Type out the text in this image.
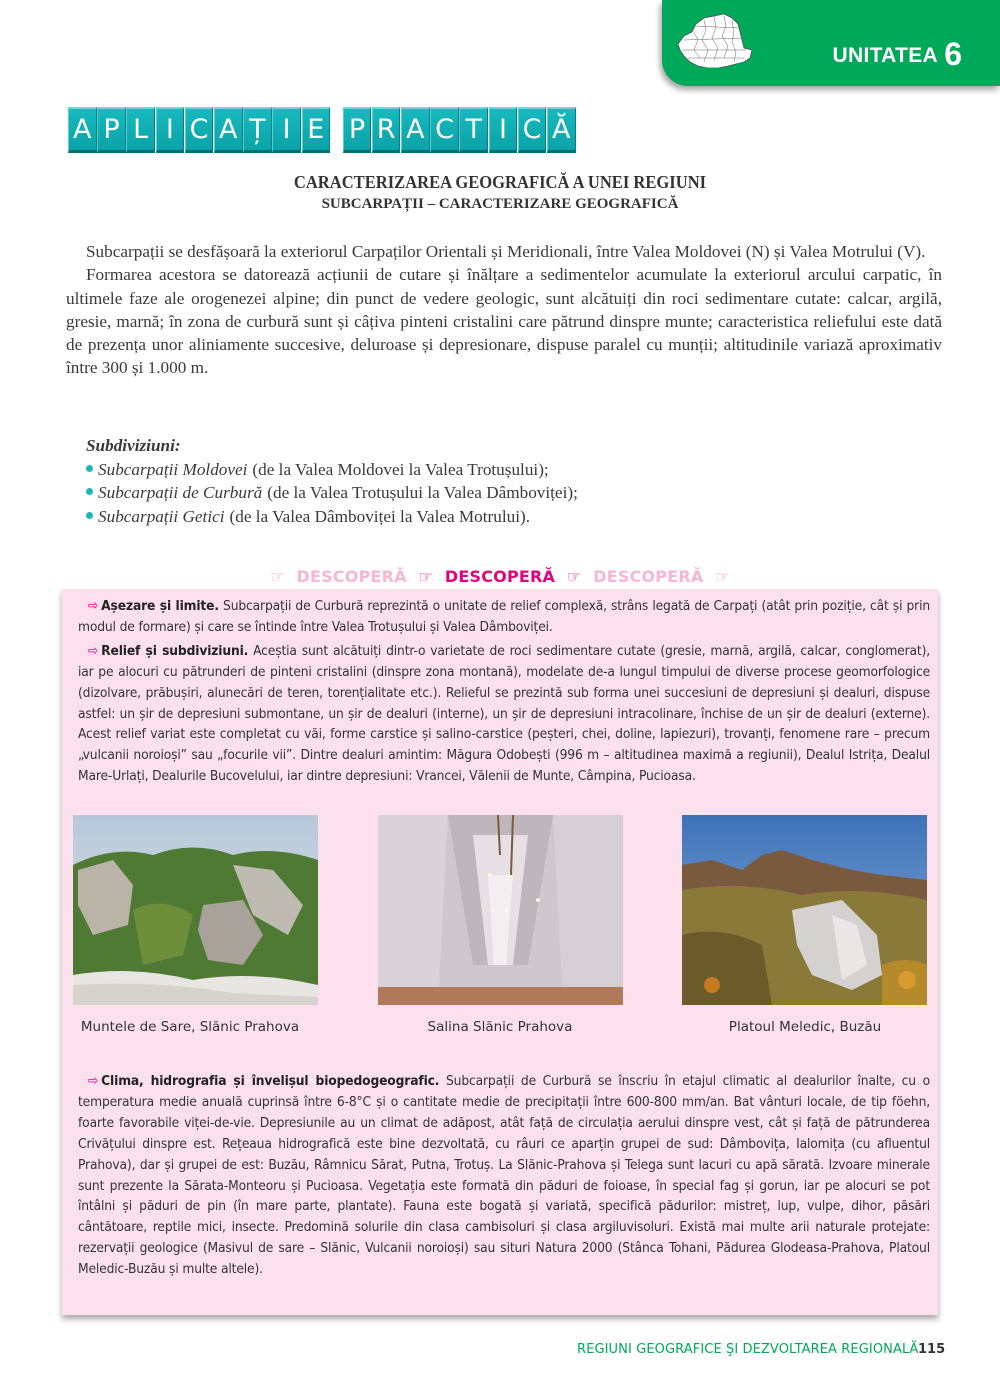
UNITATEA 6
A P L I C A Ț I E P R A C T I C Ă
CARACTERIZAREA GEOGRAFICĂ A UNEI REGIUNI
SUBCARPAȚII – CARACTERIZARE GEOGRAFICĂ

Subcarpații se desfășoară la exteriorul Carpaților Orientali și Meridionali, între Valea Moldovei (N) și Valea Motrului (V).

Formarea acestora se datorează acțiunii de cutare și înălțare a sedimentelor acumulate la exteriorul arcului carpatic, în ultimele faze ale orogenezei alpine; din punct de vedere geologic, sunt alcătuiți din roci sedimentare cutate: calcar, argilă, gresie, marnă; în zona de curbură sunt și câțiva pinteni cristalini care pătrund dinspre munte; caracteristica reliefului este dată de prezența unor aliniamente succesive, deluroase și depresionare, dispuse paralel cu munții; altitudinile variază aproximativ între 300 și 1.000 m.

Subdiviziuni:
Subcarpații Moldovei (de la Valea Moldovei la Valea Trotușului);
Subcarpații de Curbură (de la Valea Trotușului la Valea Dâmboviței);
Subcarpații Getici (de la Valea Dâmboviței la Valea Motrului).
☞ DESCOPERĂ ☞ DESCOPERĂ ☞ DESCOPERĂ ☞

⇨ Așezare și limite. Subcarpații de Curbură reprezintă o unitate de relief complexă, strâns legată de Carpați (atât prin poziție, cât și prin modul de formare) și care se întinde între Valea Trotușului și Valea Dâmboviței.

⇨ Relief și subdiviziuni. Aceștia sunt alcătuiți dintr-o varietate de roci sedimentare cutate (gresie, marnă, argilă, calcar, conglomerat), iar pe alocuri cu pătrunderi de pinteni cristalini (dinspre zona montană), modelate de-a lungul timpului de diverse procese geomorfologice (dizolvare, prăbușiri, alunecări de teren, torențialitate etc.). Relieful se prezintă sub forma unei succesiuni de depresiuni și dealuri, dispuse astfel: un șir de depresiuni submontane, un șir de dealuri (interne), un șir de depresiuni intracolinare, închise de un șir de dealuri (externe). Acest relief variat este completat cu văi, forme carstice și salino-carstice (peșteri, chei, doline, lapiezuri), trovanți, fenomene rare – precum „vulcanii noroioși” sau „focurile vii”. Dintre dealuri amintim: Măgura Odobești (996 m – altitudinea maximă a regiunii), Dealul Istrița, Dealul Mare-Urlați, Dealurile Bucovelului, iar dintre depresiuni: Vrancei, Vălenii de Munte, Câmpina, Pucioasa.

Muntele de Sare, Slănic Prahova	Salina Slănic Prahova	Platoul Meledic, Buzău

⇨ Clima, hidrografia și învelișul biopedogeografic. Subcarpații de Curbură se înscriu în etajul climatic al dealurilor înalte, cu o temperatura medie anuală cuprinsă între 6-8°C și o cantitate medie de precipitații între 600-800 mm/an. Bat vânturi locale, de tip föehn, foarte favorabile viței-de-vie. Depresiunile au un climat de adăpost, atât față de circulația aerului dinspre vest, cât și față de pătrunderea Crivățului dinspre est. Rețeaua hidrografică este bine dezvoltată, cu râuri ce aparțin grupei de sud: Dâmbovița, Ialomița (cu afluentul Prahova), dar și grupei de est: Buzău, Râmnicu Sărat, Putna, Trotuș. La Slănic-Prahova și Telega sunt lacuri cu apă sărată. Izvoare minerale sunt prezente la Sărata-Monteoru și Pucioasa. Vegetația este formată din păduri de foioase, în special fag și gorun, iar pe alocuri se pot întâlni și păduri de pin (în mare parte, plantate). Fauna este bogată și variată, specifică pădurilor: mistreț, lup, vulpe, dihor, păsări cântătoare, reptile mici, insecte. Predomină solurile din clasa cambisoluri și clasa argiluvisoluri. Există mai multe arii naturale protejate: rezervații geologice (Masivul de sare – Slănic, Vulcanii noroioși) sau situri Natura 2000 (Stânca Tohani, Pădurea Glodeasa-Prahova, Platoul Meledic-Buzău și multe altele).

REGIUNI GEOGRAFICE ŞI DEZVOLTAREA REGIONALĂ 115
